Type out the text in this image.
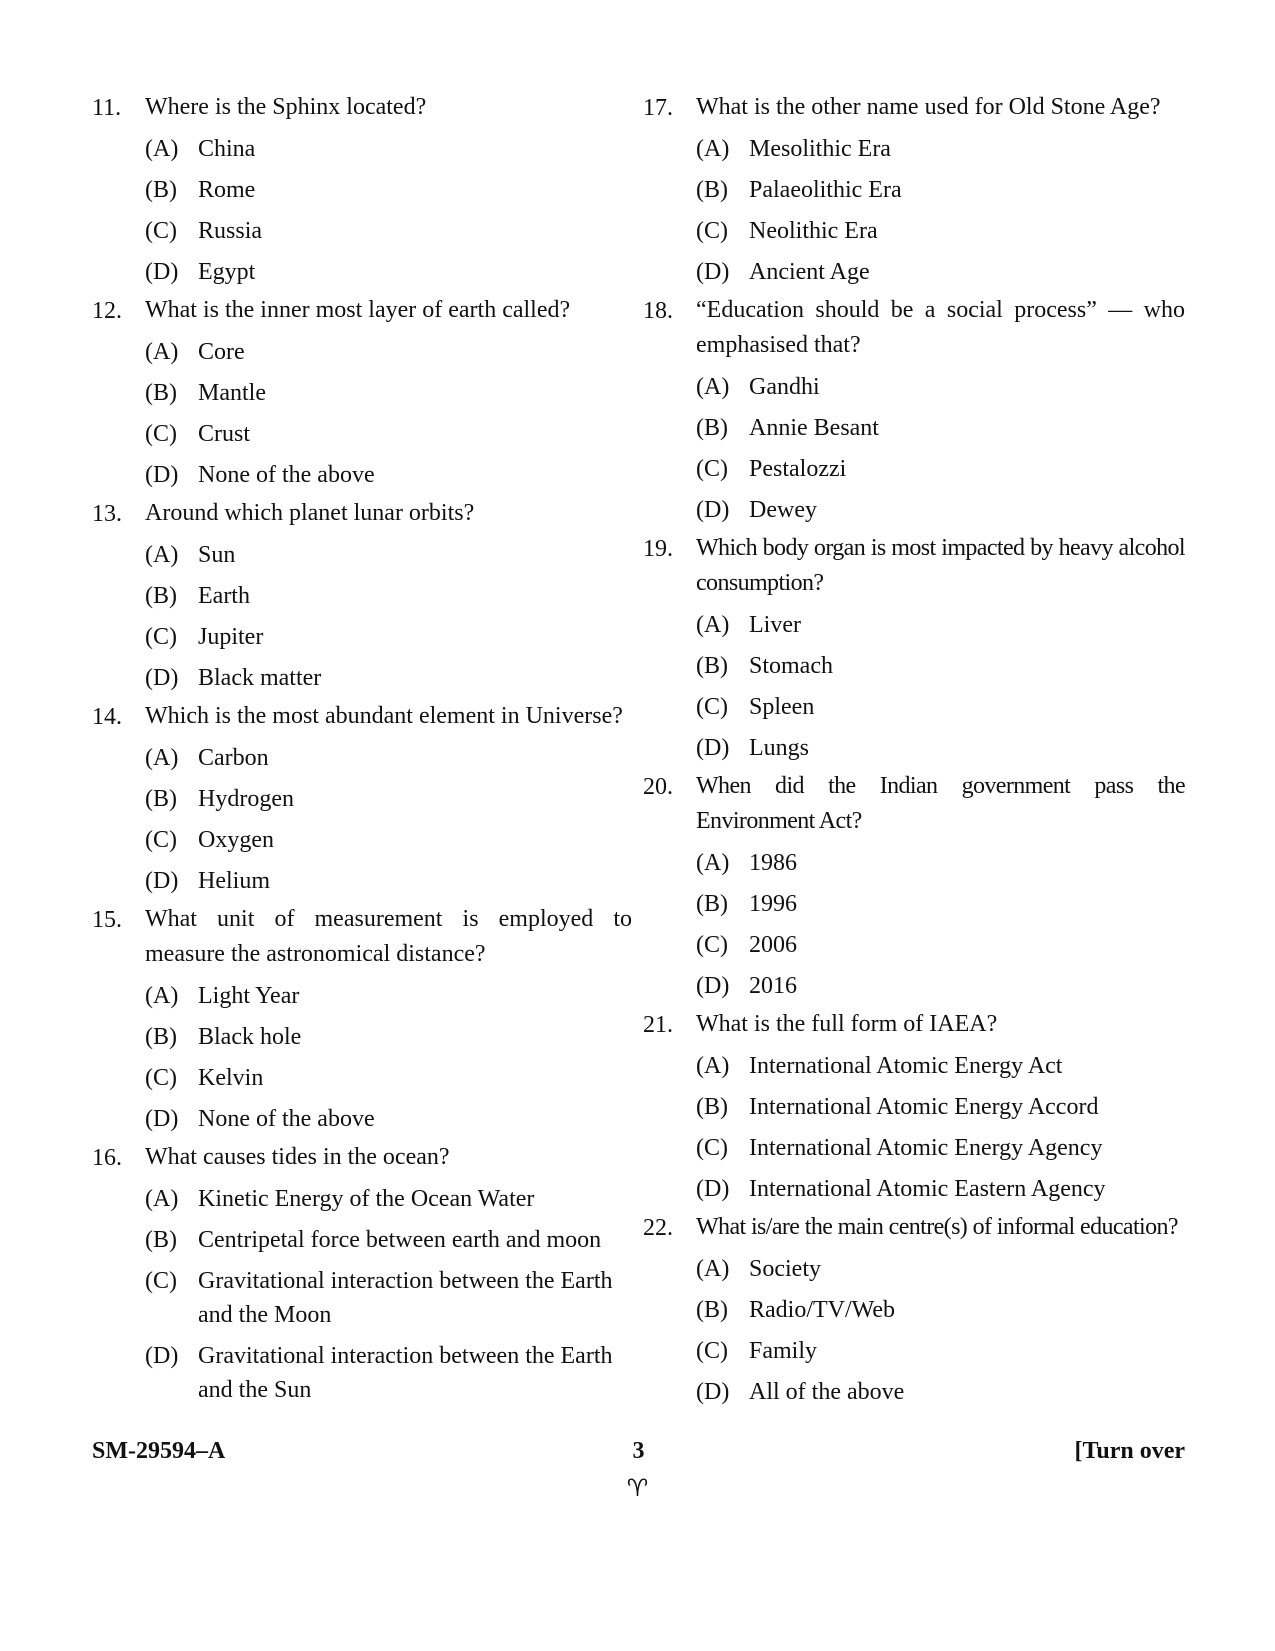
11. Where is the Sphinx located?
(A) China
(B) Rome
(C) Russia
(D) Egypt
12. What is the inner most layer of earth called?
(A) Core
(B) Mantle
(C) Crust
(D) None of the above
13. Around which planet lunar orbits?
(A) Sun
(B) Earth
(C) Jupiter
(D) Black matter
14. Which is the most abundant element in Universe?
(A) Carbon
(B) Hydrogen
(C) Oxygen
(D) Helium
15. What unit of measurement is employed to measure the astronomical distance?
(A) Light Year
(B) Black hole
(C) Kelvin
(D) None of the above
16. What causes tides in the ocean?
(A) Kinetic Energy of the Ocean Water
(B) Centripetal force between earth and moon
(C) Gravitational interaction between the Earth and the Moon
(D) Gravitational interaction between the Earth and the Sun
17. What is the other name used for Old Stone Age?
(A) Mesolithic Era
(B) Palaeolithic Era
(C) Neolithic Era
(D) Ancient Age
18. “Education should be a social process” — who emphasised that?
(A) Gandhi
(B) Annie Besant
(C) Pestalozzi
(D) Dewey
19. Which body organ is most impacted by heavy alcohol consumption?
(A) Liver
(B) Stomach
(C) Spleen
(D) Lungs
20. When did the Indian government pass the Environment Act?
(A) 1986
(B) 1996
(C) 2006
(D) 2016
21. What is the full form of IAEA?
(A) International Atomic Energy Act
(B) International Atomic Energy Accord
(C) International Atomic Energy Agency
(D) International Atomic Eastern Agency
22. What is/are the main centre(s) of informal education?
(A) Society
(B) Radio/TV/Web
(C) Family
(D) All of the above
SM-29594–A	3	[Turn over
♈
